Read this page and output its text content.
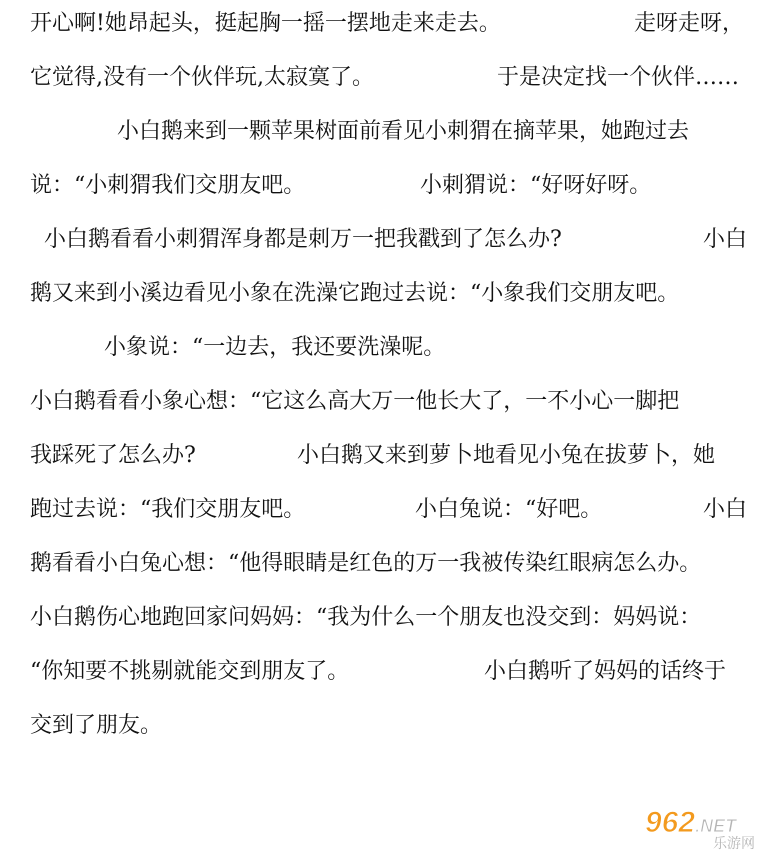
开心啊!她昂起头，挺起胸一摇一摆地走来走去。	走呀走呀，
它觉得,没有一个伙伴玩,太寂寞了。	于是决定找一个伙伴……
小白鹅来到一颗苹果树面前看见小刺猬在摘苹果，她跑过去
说：“小刺猬我们交朋友吧。	小刺猬说：“好呀好呀。
小白鹅看看小刺猬浑身都是刺万一把我戳到了怎么办?	小白
鹅又来到小溪边看见小象在洗澡它跑过去说：“小象我们交朋友吧。
小象说：“一边去，我还要洗澡呢。
小白鹅看看小象心想：“它这么高大万一他长大了，一不小心一脚把
我踩死了怎么办?	小白鹅又来到萝卜地看见小兔在拔萝卜，她
跑过去说：“我们交朋友吧。	小白兔说：“好吧。	小白
鹅看看小白兔心想：“他得眼睛是红色的万一我被传染红眼病怎么办。
小白鹅伤心地跑回家问妈妈：“我为什么一个朋友也没交到：妈妈说：
“你知要不挑剔就能交到朋友了。	小白鹅听了妈妈的话终于
交到了朋友。
962.NET
乐游网
